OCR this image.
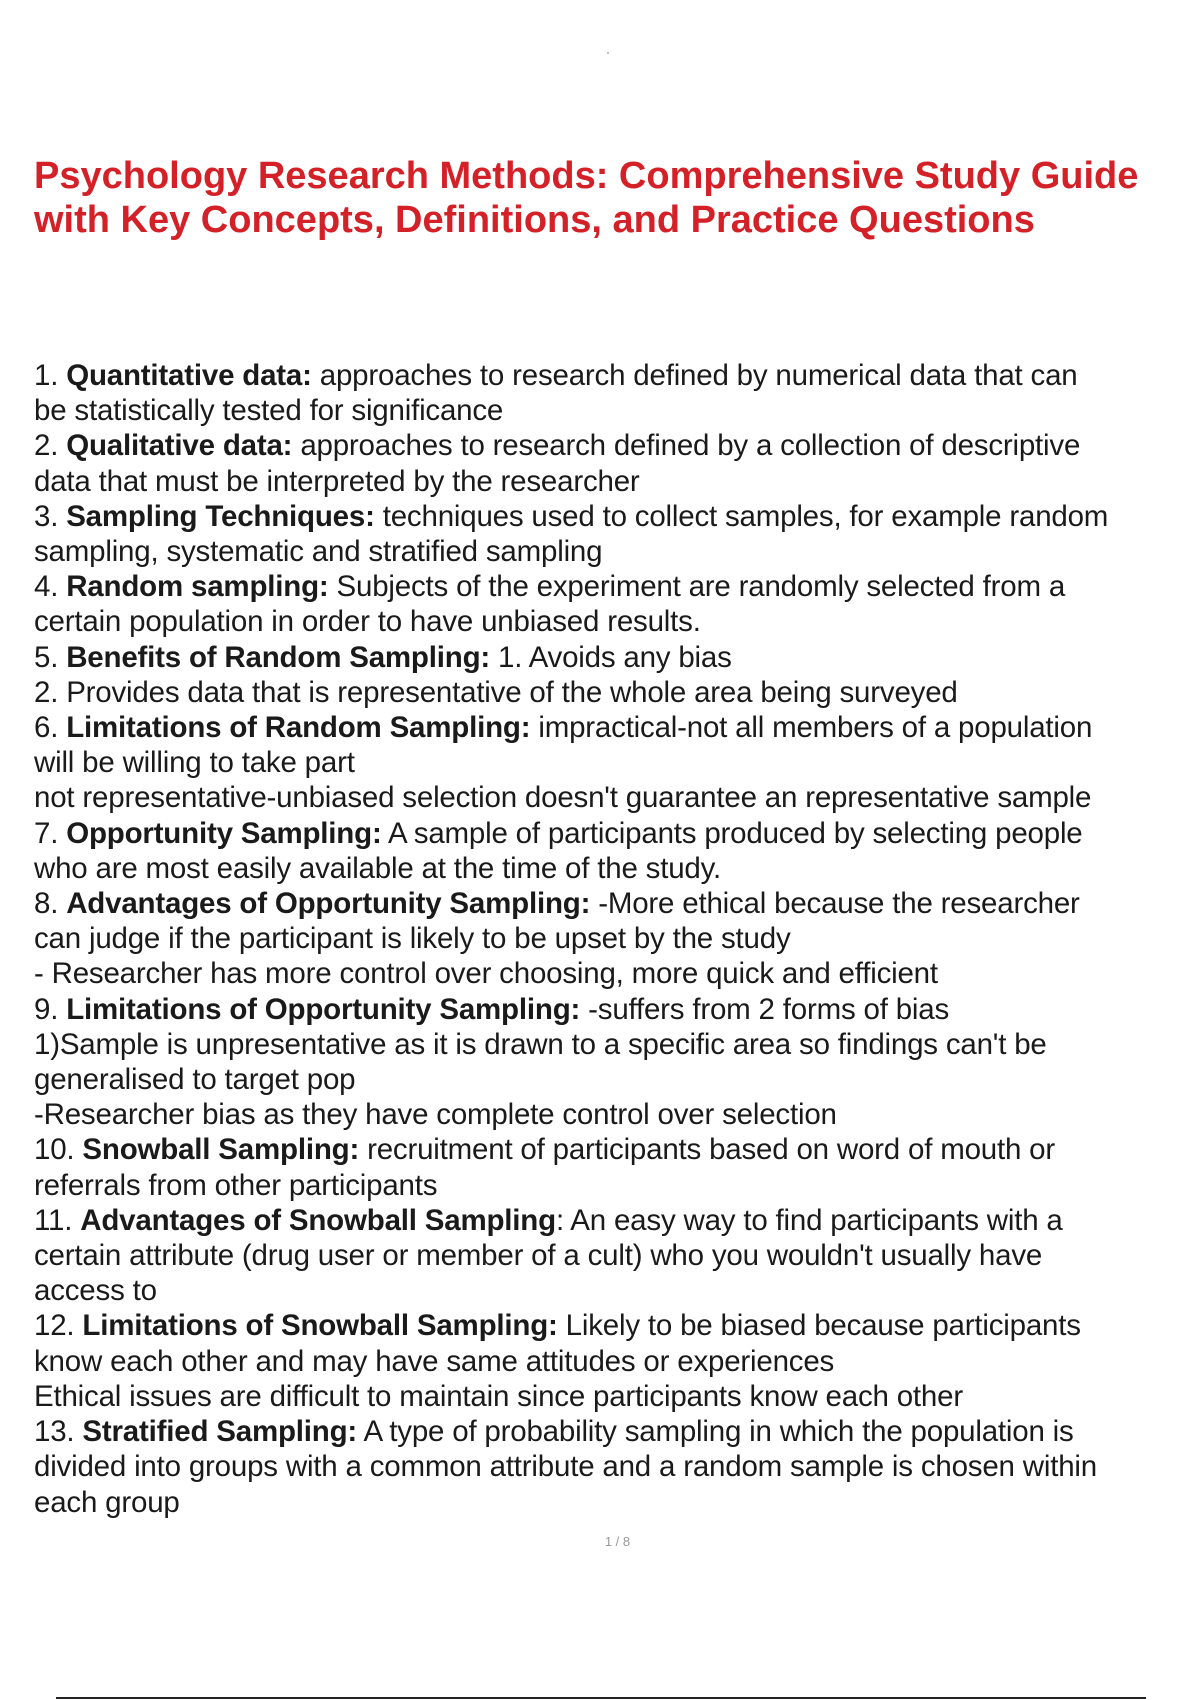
Psychology Research Methods: Comprehensive Study Guide with Key Concepts, Definitions, and Practice Questions
1. Quantitative data: approaches to research defined by numerical data that can
be statistically tested for significance
2. Qualitative data: approaches to research defined by a collection of descriptive
data that must be interpreted by the researcher
3. Sampling Techniques: techniques used to collect samples, for example random
sampling, systematic and stratified sampling
4. Random sampling: Subjects of the experiment are randomly selected from a
certain population in order to have unbiased results.
5. Benefits of Random Sampling: 1. Avoids any bias
2. Provides data that is representative of the whole area being surveyed
6. Limitations of Random Sampling: impractical-not all members of a population
will be willing to take part
not representative-unbiased selection doesn't guarantee an representative sample
7. Opportunity Sampling: A sample of participants produced by selecting people
who are most easily available at the time of the study.
8. Advantages of Opportunity Sampling: -More ethical because the researcher
can judge if the participant is likely to be upset by the study
- Researcher has more control over choosing, more quick and efficient
9. Limitations of Opportunity Sampling: -suffers from 2 forms of bias
1)Sample is unpresentative as it is drawn to a specific area so findings can't be
generalised to target pop
-Researcher bias as they have complete control over selection
10. Snowball Sampling: recruitment of participants based on word of mouth or
referrals from other participants
11. Advantages of Snowball Sampling: An easy way to find participants with a
certain attribute (drug user or member of a cult) who you wouldn't usually have
access to
12. Limitations of Snowball Sampling: Likely to be biased because participants
know each other and may have same attitudes or experiences
Ethical issues are difficult to maintain since participants know each other
13. Stratified Sampling: A type of probability sampling in which the population is
divided into groups with a common attribute and a random sample is chosen within
each group
1 / 8
